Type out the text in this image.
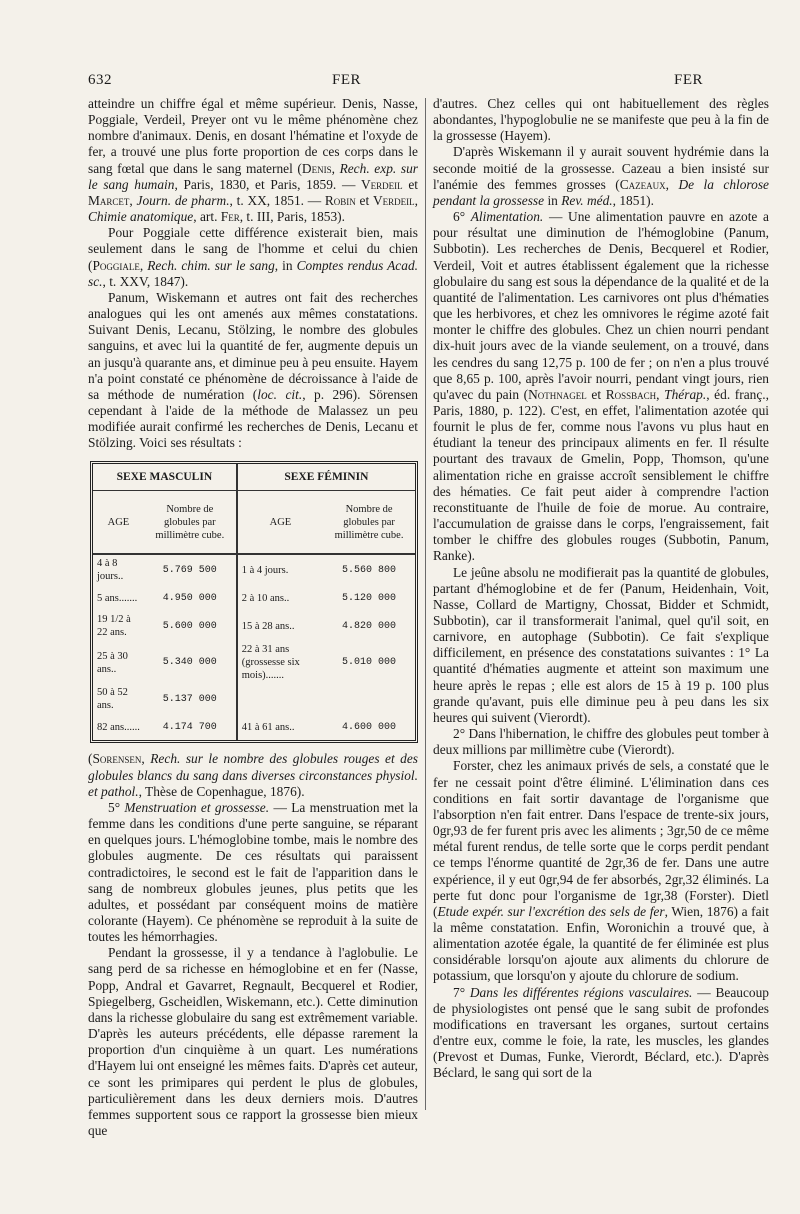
632	FER	FER

atteindre un chiffre égal et même supérieur. Denis, Nasse, Poggiale, Verdeil, Preyer ont vu le même phénomène chez nombre d'animaux. Denis, en dosant l'hématine et l'oxyde de fer, a trouvé une plus forte proportion de ces corps dans le sang fœtal que dans le sang maternel (Denis, Rech. exp. sur le sang humain, Paris, 1830, et Paris, 1859. — Verdeil et Marcet, Journ. de pharm., t. XX, 1851. — Robin et Verdeil, Chimie anatomique, art. Fer, t. III, Paris, 1853).

Pour Poggiale cette différence existerait bien, mais seulement dans le sang de l'homme et celui du chien (Poggiale, Rech. chim. sur le sang, in Comptes rendus Acad. sc., t. XXV, 1847).

Panum, Wiskemann et autres ont fait des recherches analogues qui les ont amenés aux mêmes constatations. Suivant Denis, Lecanu, Stölzing, le nombre des globules sanguins, et avec lui la quantité de fer, augmente depuis un an jusqu'à quarante ans, et diminue peu à peu ensuite. Hayem n'a point constaté ce phénomène de décroissance à l'aide de sa méthode de numération (loc. cit., p. 296). Sörensen cependant à l'aide de la méthode de Malassez un peu modifiée aurait confirmé les recherches de Denis, Lecanu et Stölzing. Voici ses résultats :

SEXE MASCULIN		SEXE FÉMININ	
AGE	Nombre de globules par millimètre cube.	AGE	Nombre de globules par millimètre cube.
4 à 8 jours..	5.769 500	1 à 4 jours.	5.560 800
5 ans.......	4.950 000	2 à 10 ans..	5.120 000
19 1/2 à 22 ans.	5.600 000	15 à 28 ans..	4.820 000
25 à 30 ans..	5.340 000	22 à 31 ans (grossesse six mois).......	5.010 000
50 à 52 ans.	5.137 000		
82 ans......	4.174 700	41 à 61 ans..	4.600 000

(Sorensen, Rech. sur le nombre des globules rouges et des globules blancs du sang dans diverses circonstances physiol. et pathol., Thèse de Copenhague, 1876).

5° Menstruation et grossesse. — La menstruation met la femme dans les conditions d'une perte sanguine, se réparant en quelques jours. L'hémoglobine tombe, mais le nombre des globules augmente. De ces résultats qui paraissent contradictoires, le second est le fait de l'apparition dans le sang de nombreux globules jeunes, plus petits que les adultes, et possédant par conséquent moins de matière colorante (Hayem). Ce phénomène se reproduit à la suite de toutes les hémorrhagies.

Pendant la grossesse, il y a tendance à l'aglobulie. Le sang perd de sa richesse en hémoglobine et en fer (Nasse, Popp, Andral et Gavarret, Regnault, Becquerel et Rodier, Spiegelberg, Gscheidlen, Wiskemann, etc.). Cette diminution dans la richesse globulaire du sang est extrêmement variable. D'après les auteurs précédents, elle dépasse rarement la proportion d'un cinquième à un quart. Les numérations d'Hayem lui ont enseigné les mêmes faits. D'après cet auteur, ce sont les primipares qui perdent le plus de globules, particulièrement dans les deux derniers mois. D'autres femmes supportent sous ce rapport la grossesse bien mieux que

d'autres. Chez celles qui ont habituellement des règles abondantes, l'hypoglobulie ne se manifeste que peu à la fin de la grossesse (Hayem).

D'après Wiskemann il y aurait souvent hydrémie dans la seconde moitié de la grossesse. Cazeau a bien insisté sur l'anémie des femmes grosses (Cazeaux, De la chlorose pendant la grossesse in Rev. méd., 1851).

6° Alimentation. — Une alimentation pauvre en azote a pour résultat une diminution de l'hémoglobine (Panum, Subbotin). Les recherches de Denis, Becquerel et Rodier, Verdeil, Voit et autres établissent également que la richesse globulaire du sang est sous la dépendance de la qualité et de la quantité de l'alimentation. Les carnivores ont plus d'hématies que les herbivores, et chez les omnivores le régime azoté fait monter le chiffre des globules. Chez un chien nourri pendant dix-huit jours avec de la viande seulement, on a trouvé, dans les cendres du sang 12,75 p. 100 de fer ; on n'en a plus trouvé que 8,65 p. 100, après l'avoir nourri, pendant vingt jours, rien qu'avec du pain (Nothnagel et Rossbach, Thérap., éd. franç., Paris, 1880, p. 122). C'est, en effet, l'alimentation azotée qui fournit le plus de fer, comme nous l'avons vu plus haut en étudiant la teneur des principaux aliments en fer. Il résulte pourtant des travaux de Gmelin, Popp, Thomson, qu'une alimentation riche en graisse accroît sensiblement le chiffre des hématies. Ce fait peut aider à comprendre l'action reconstituante de l'huile de foie de morue. Au contraire, l'accumulation de graisse dans le corps, l'engraissement, fait tomber le chiffre des globules rouges (Subbotin, Panum, Ranke).

Le jeûne absolu ne modifierait pas la quantité de globules, partant d'hémoglobine et de fer (Panum, Heidenhain, Voit, Nasse, Collard de Martigny, Chossat, Bidder et Schmidt, Subbotin), car il transformerait l'animal, quel qu'il soit, en carnivore, en autophage (Subbotin). Ce fait s'explique difficilement, en présence des constatations suivantes : 1° La quantité d'hématies augmente et atteint son maximum une heure après le repas ; elle est alors de 15 à 19 p. 100 plus grande qu'avant, puis elle diminue peu à peu dans les six heures qui suivent (Vierordt).

2° Dans l'hibernation, le chiffre des globules peut tomber à deux millions par millimètre cube (Vierordt).

Forster, chez les animaux privés de sels, a constaté que le fer ne cessait point d'être éliminé. L'élimination dans ces conditions en fait sortir davantage de l'organisme que l'absorption n'en fait entrer. Dans l'espace de trente-six jours, 0gr,93 de fer furent pris avec les aliments ; 3gr,50 de ce même métal furent rendus, de telle sorte que le corps perdit pendant ce temps l'énorme quantité de 2gr,36 de fer. Dans une autre expérience, il y eut 0gr,94 de fer absorbés, 2gr,32 éliminés. La perte fut donc pour l'organisme de 1gr,38 (Forster). Dietl (Etude expér. sur l'excrétion des sels de fer, Wien, 1876) a fait la même constatation. Enfin, Woronichin a trouvé que, à alimentation azotée égale, la quantité de fer éliminée est plus considérable lorsqu'on ajoute aux aliments du chlorure de potassium, que lorsqu'on y ajoute du chlorure de sodium.

7° Dans les différentes régions vasculaires. — Beaucoup de physiologistes ont pensé que le sang subit de profondes modifications en traversant les organes, surtout certains d'entre eux, comme le foie, la rate, les muscles, les glandes (Prevost et Dumas, Funke, Vierordt, Béclard, etc.). D'après Béclard, le sang qui sort de la
